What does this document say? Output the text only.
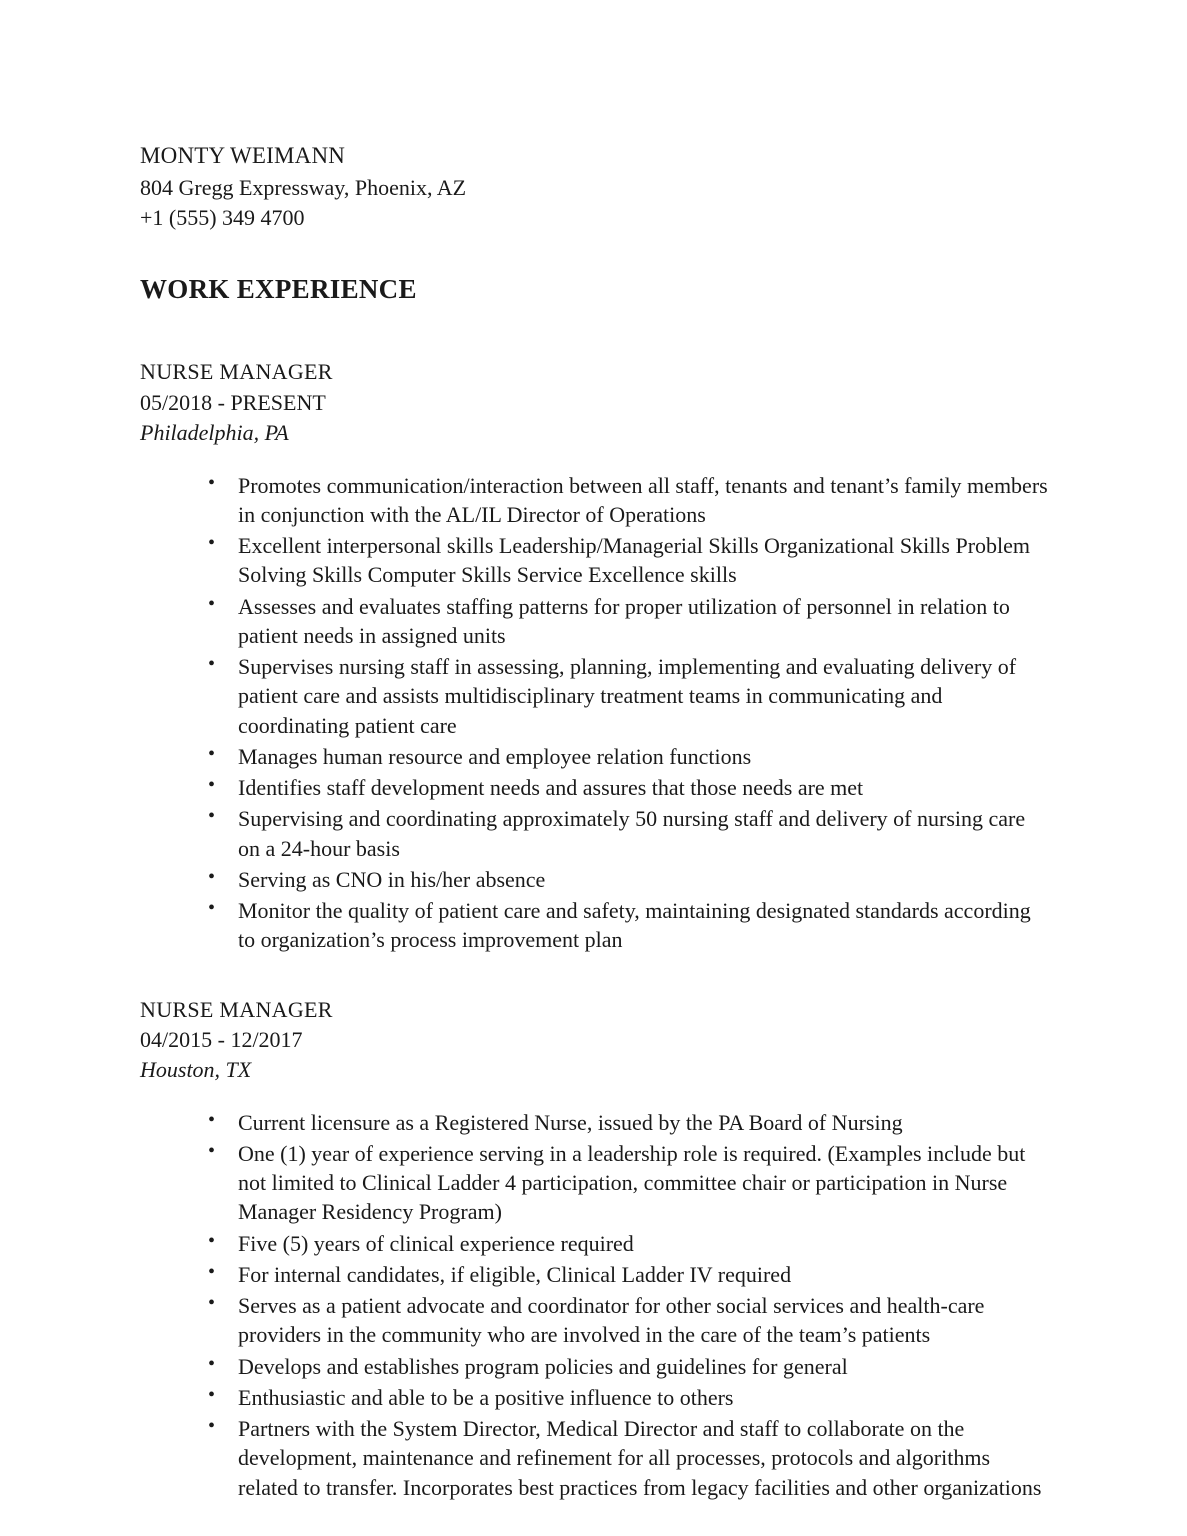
MONTY WEIMANN

804 Gregg Expressway, Phoenix, AZ

+1 (555) 349 4700

WORK EXPERIENCE

NURSE MANAGER

05/2018 - PRESENT

Philadelphia, PA

• Promotes communication/interaction between all staff, tenants and tenant’s family members in conjunction with the AL/IL Director of Operations
• Excellent interpersonal skills Leadership/Managerial Skills Organizational Skills Problem Solving Skills Computer Skills Service Excellence skills
• Assesses and evaluates staffing patterns for proper utilization of personnel in relation to patient needs in assigned units
• Supervises nursing staff in assessing, planning, implementing and evaluating delivery of patient care and assists multidisciplinary treatment teams in communicating and coordinating patient care
• Manages human resource and employee relation functions
• Identifies staff development needs and assures that those needs are met
• Supervising and coordinating approximately 50 nursing staff and delivery of nursing care on a 24-hour basis
• Serving as CNO in his/her absence
• Monitor the quality of patient care and safety, maintaining designated standards according to organization’s process improvement plan

NURSE MANAGER

04/2015 - 12/2017

Houston, TX

• Current licensure as a Registered Nurse, issued by the PA Board of Nursing
• One (1) year of experience serving in a leadership role is required. (Examples include but not limited to Clinical Ladder 4 participation, committee chair or participation in Nurse Manager Residency Program)
• Five (5) years of clinical experience required
• For internal candidates, if eligible, Clinical Ladder IV required
• Serves as a patient advocate and coordinator for other social services and health-care providers in the community who are involved in the care of the team’s patients
• Develops and establishes program policies and guidelines for general
• Enthusiastic and able to be a positive influence to others
• Partners with the System Director, Medical Director and staff to collaborate on the development, maintenance and refinement for all processes, protocols and algorithms related to transfer. Incorporates best practices from legacy facilities and other organizations
